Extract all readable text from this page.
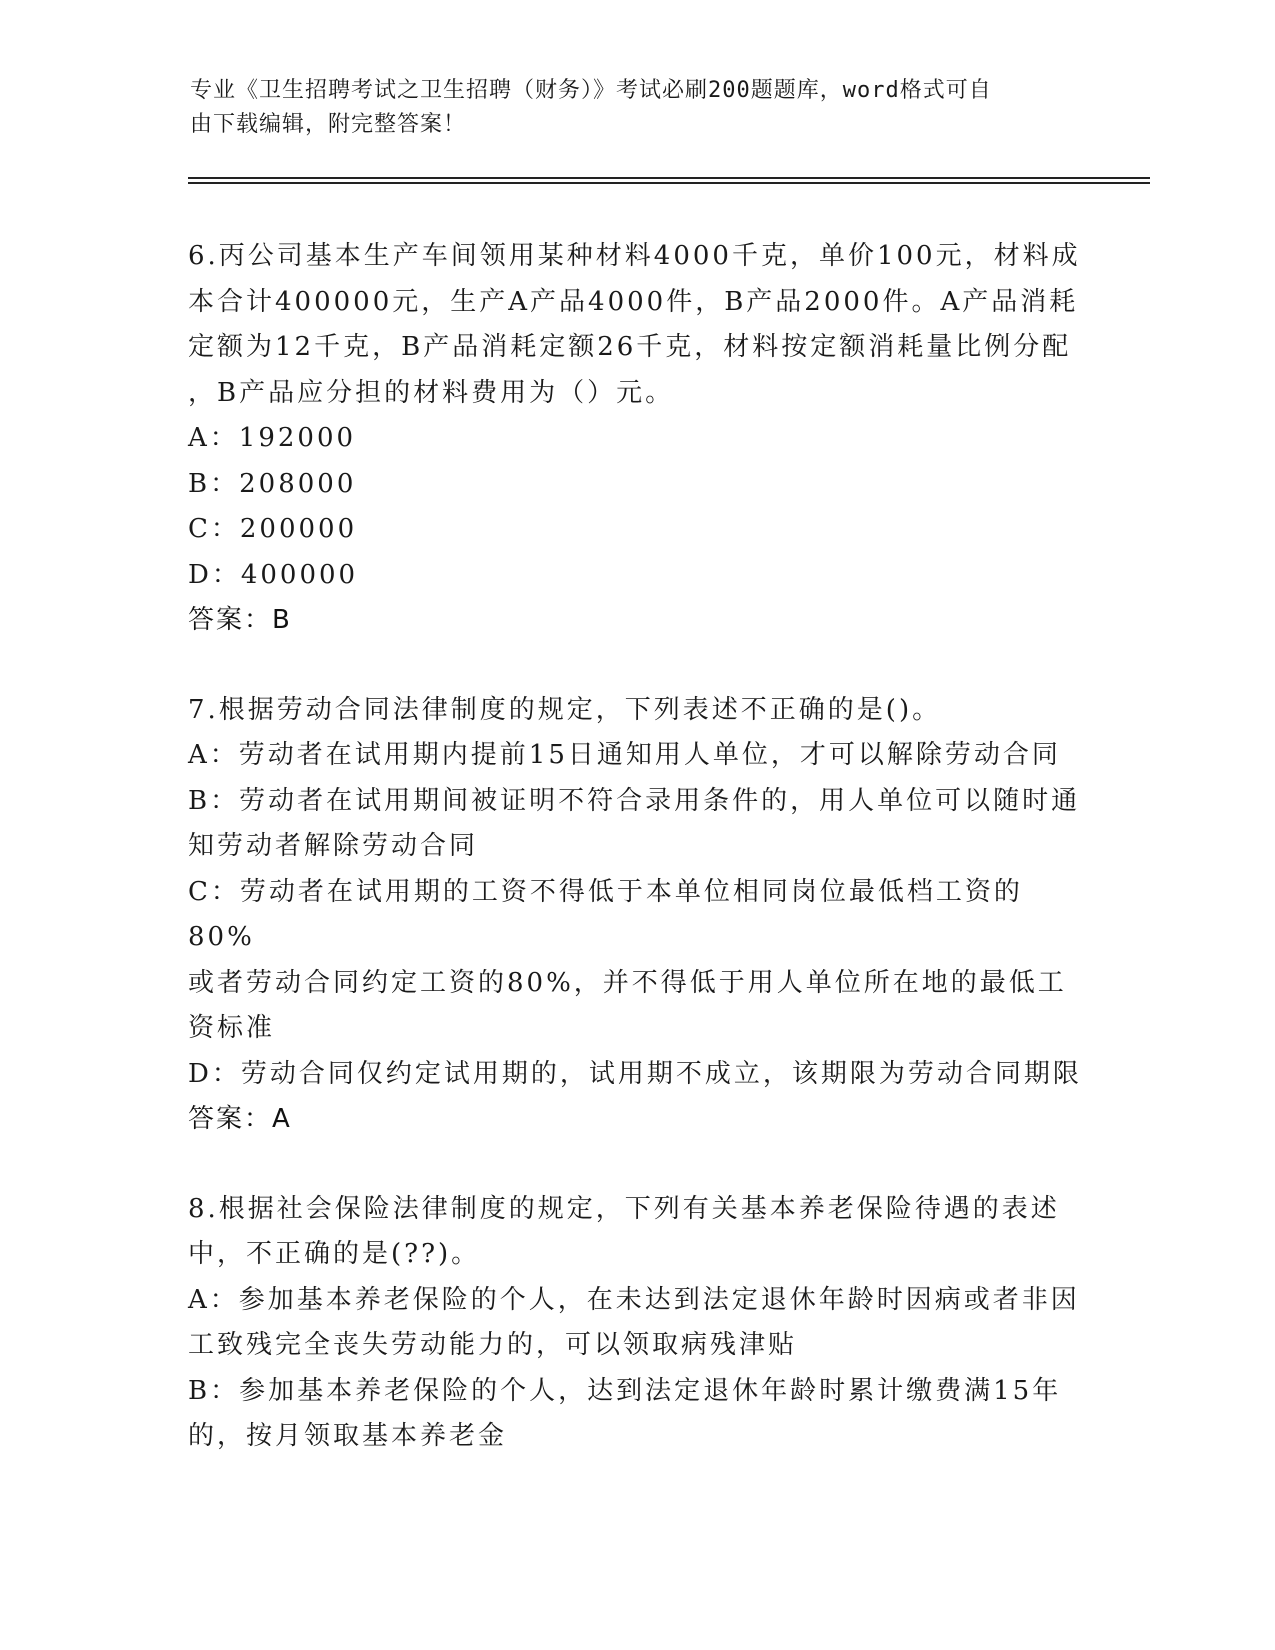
专业《卫生招聘考试之卫生招聘（财务）》考试必刷200题题库，word格式可自
由下载编辑，附完整答案！
6.丙公司基本生产车间领用某种材料4000千克，单价100元，材料成
本合计400000元，生产A产品4000件，B产品2000件。A产品消耗
定额为12千克，B产品消耗定额26千克，材料按定额消耗量比例分配
，B产品应分担的材料费用为（）元。
A：192000
B：208000
C：200000
D：400000
答案：B
7.根据劳动合同法律制度的规定，下列表述不正确的是()。
A：劳动者在试用期内提前15日通知用人单位，才可以解除劳动合同
B：劳动者在试用期间被证明不符合录用条件的，用人单位可以随时通
知劳动者解除劳动合同
C：劳动者在试用期的工资不得低于本单位相同岗位最低档工资的80%
或者劳动合同约定工资的80%，并不得低于用人单位所在地的最低工
资标准
D：劳动合同仅约定试用期的，试用期不成立，该期限为劳动合同期限
答案：A
8.根据社会保险法律制度的规定，下列有关基本养老保险待遇的表述
中，不正确的是(??)。
A：参加基本养老保险的个人，在未达到法定退休年龄时因病或者非因
工致残完全丧失劳动能力的，可以领取病残津贴
B：参加基本养老保险的个人，达到法定退休年龄时累计缴费满15年
的，按月领取基本养老金
